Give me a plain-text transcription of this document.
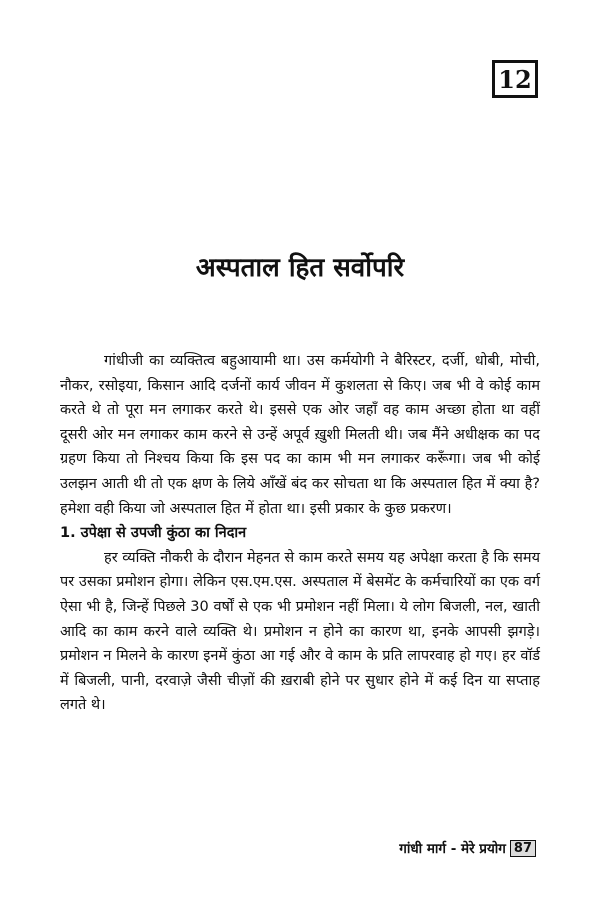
12
अस्पताल हित सर्वोपरि

गांधीजी का व्यक्तित्व बहुआयामी था। उस कर्मयोगी ने बैरिस्टर, दर्जी, धोबी, मोची, नौकर, रसोइया, किसान आदि दर्जनों कार्य जीवन में कुशलता से किए। जब भी वे कोई काम करते थे तो पूरा मन लगाकर करते थे। इससे एक ओर जहाँ वह काम अच्छा होता था वहीं दूसरी ओर मन लगाकर काम करने से उन्हें अपूर्व ख़ुशी मिलती थी। जब मैंने अधीक्षक का पद ग्रहण किया तो निश्चय किया कि इस पद का काम भी मन लगाकर करूँगा। जब भी कोई उलझन आती थी तो एक क्षण के लिये आँखें बंद कर सोचता था कि अस्पताल हित में क्या है? हमेशा वही किया जो अस्पताल हित में होता था। इसी प्रकार के कुछ प्रकरण।

1. उपेक्षा से उपजी कुंठा का निदान

हर व्यक्ति नौकरी के दौरान मेहनत से काम करते समय यह अपेक्षा करता है कि समय पर उसका प्रमोशन होगा। लेकिन एस.एम.एस. अस्पताल में बेसमेंट के कर्मचारियों का एक वर्ग ऐसा भी है, जिन्हें पिछले 30 वर्षों से एक भी प्रमोशन नहीं मिला। ये लोग बिजली, नल, खाती आदि का काम करने वाले व्यक्ति थे। प्रमोशन न होने का कारण था, इनके आपसी झगड़े। प्रमोशन न मिलने के कारण इनमें कुंठा आ गई और वे काम के प्रति लापरवाह हो गए। हर वॉर्ड में बिजली, पानी, दरवाज़े जैसी चीज़ों की ख़राबी होने पर सुधार होने में कई दिन या सप्ताह लगते थे।

गांधी मार्ग - मेरे प्रयोग 87
